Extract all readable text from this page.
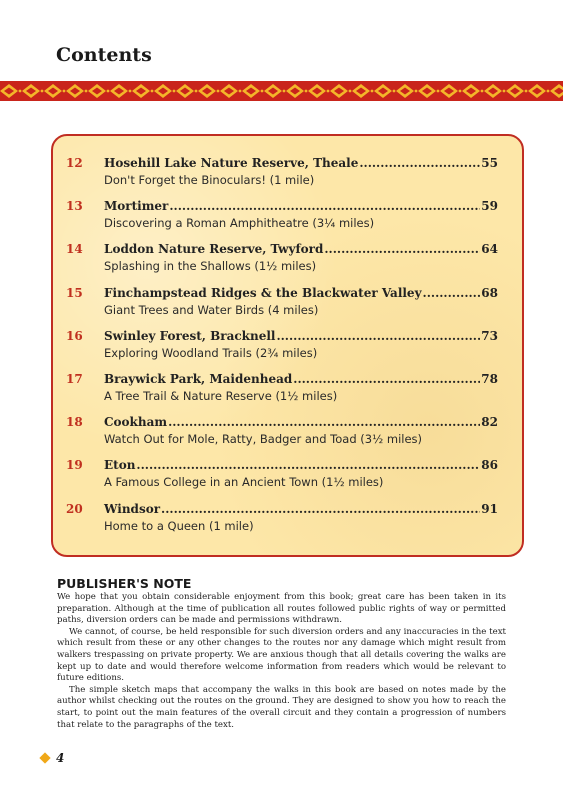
Contents
12	Hosehill Lake Nature Reserve, Theale .....	55
Don't Forget the Binoculars! (1 mile)
13	Mortimer .....	59
Discovering a Roman Amphitheatre (3¼ miles)
14	Loddon Nature Reserve, Twyford .....	64
Splashing in the Shallows (1½ miles)
15	Finchampstead Ridges & the Blackwater Valley .....	68
Giant Trees and Water Birds (4 miles)
16	Swinley Forest, Bracknell .....	73
Exploring Woodland Trails (2¾ miles)
17	Braywick Park, Maidenhead .....	78
A Tree Trail & Nature Reserve (1½ miles)
18	Cookham .....	82
Watch Out for Mole, Ratty, Badger and Toad (3½ miles)
19	Eton .....	86
A Famous College in an Ancient Town (1½ miles)
20	Windsor .....	91
Home to a Queen (1 mile)
PUBLISHER'S NOTE

We hope that you obtain considerable enjoyment from this book; great care has been taken in its preparation. Although at the time of publication all routes followed public rights of way or permitted paths, diversion orders can be made and permissions withdrawn.

We cannot, of course, be held responsible for such diversion orders and any inaccuracies in the text which result from these or any other changes to the routes nor any damage which might result from walkers trespassing on private property. We are anxious though that all details covering the walks are kept up to date and would therefore welcome information from readers which would be relevant to future editions.

The simple sketch maps that accompany the walks in this book are based on notes made by the author whilst checking out the routes on the ground. They are designed to show you how to reach the start, to point out the main features of the overall circuit and they contain a progression of numbers that relate to the paragraphs of the text.

4
